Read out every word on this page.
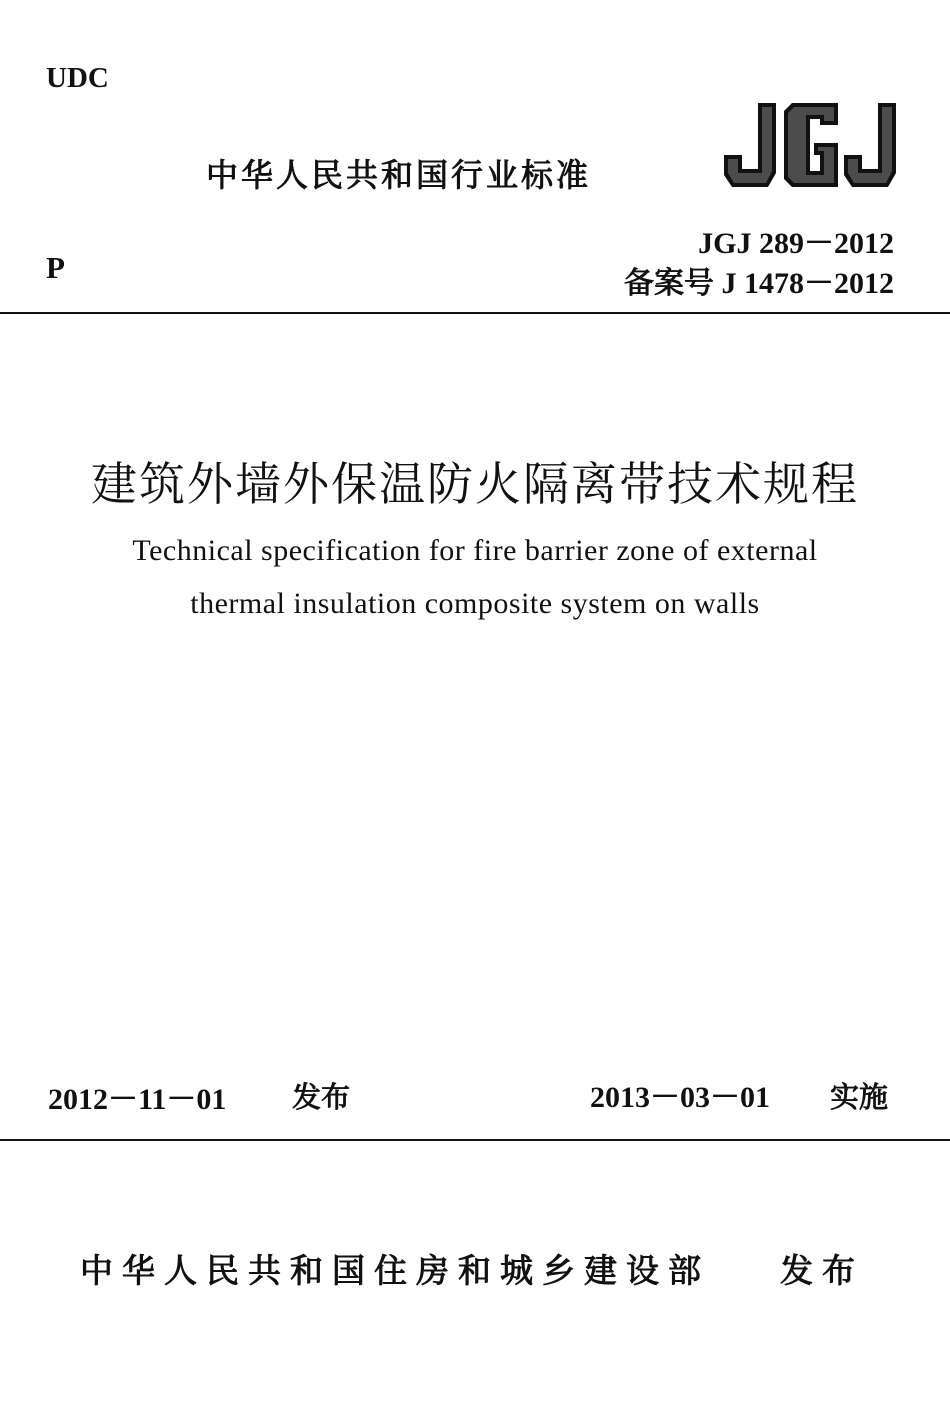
UDC
P
中华人民共和国行业标准
JGJ 289－2012
备案号 J 1478－2012
建筑外墙外保温防火隔离带技术规程
Technical specification for fire barrier zone of external
thermal insulation composite system on walls
2012－11－01 发布	2013－03－01 实施
中华人民共和国住房和城乡建设部 发布
